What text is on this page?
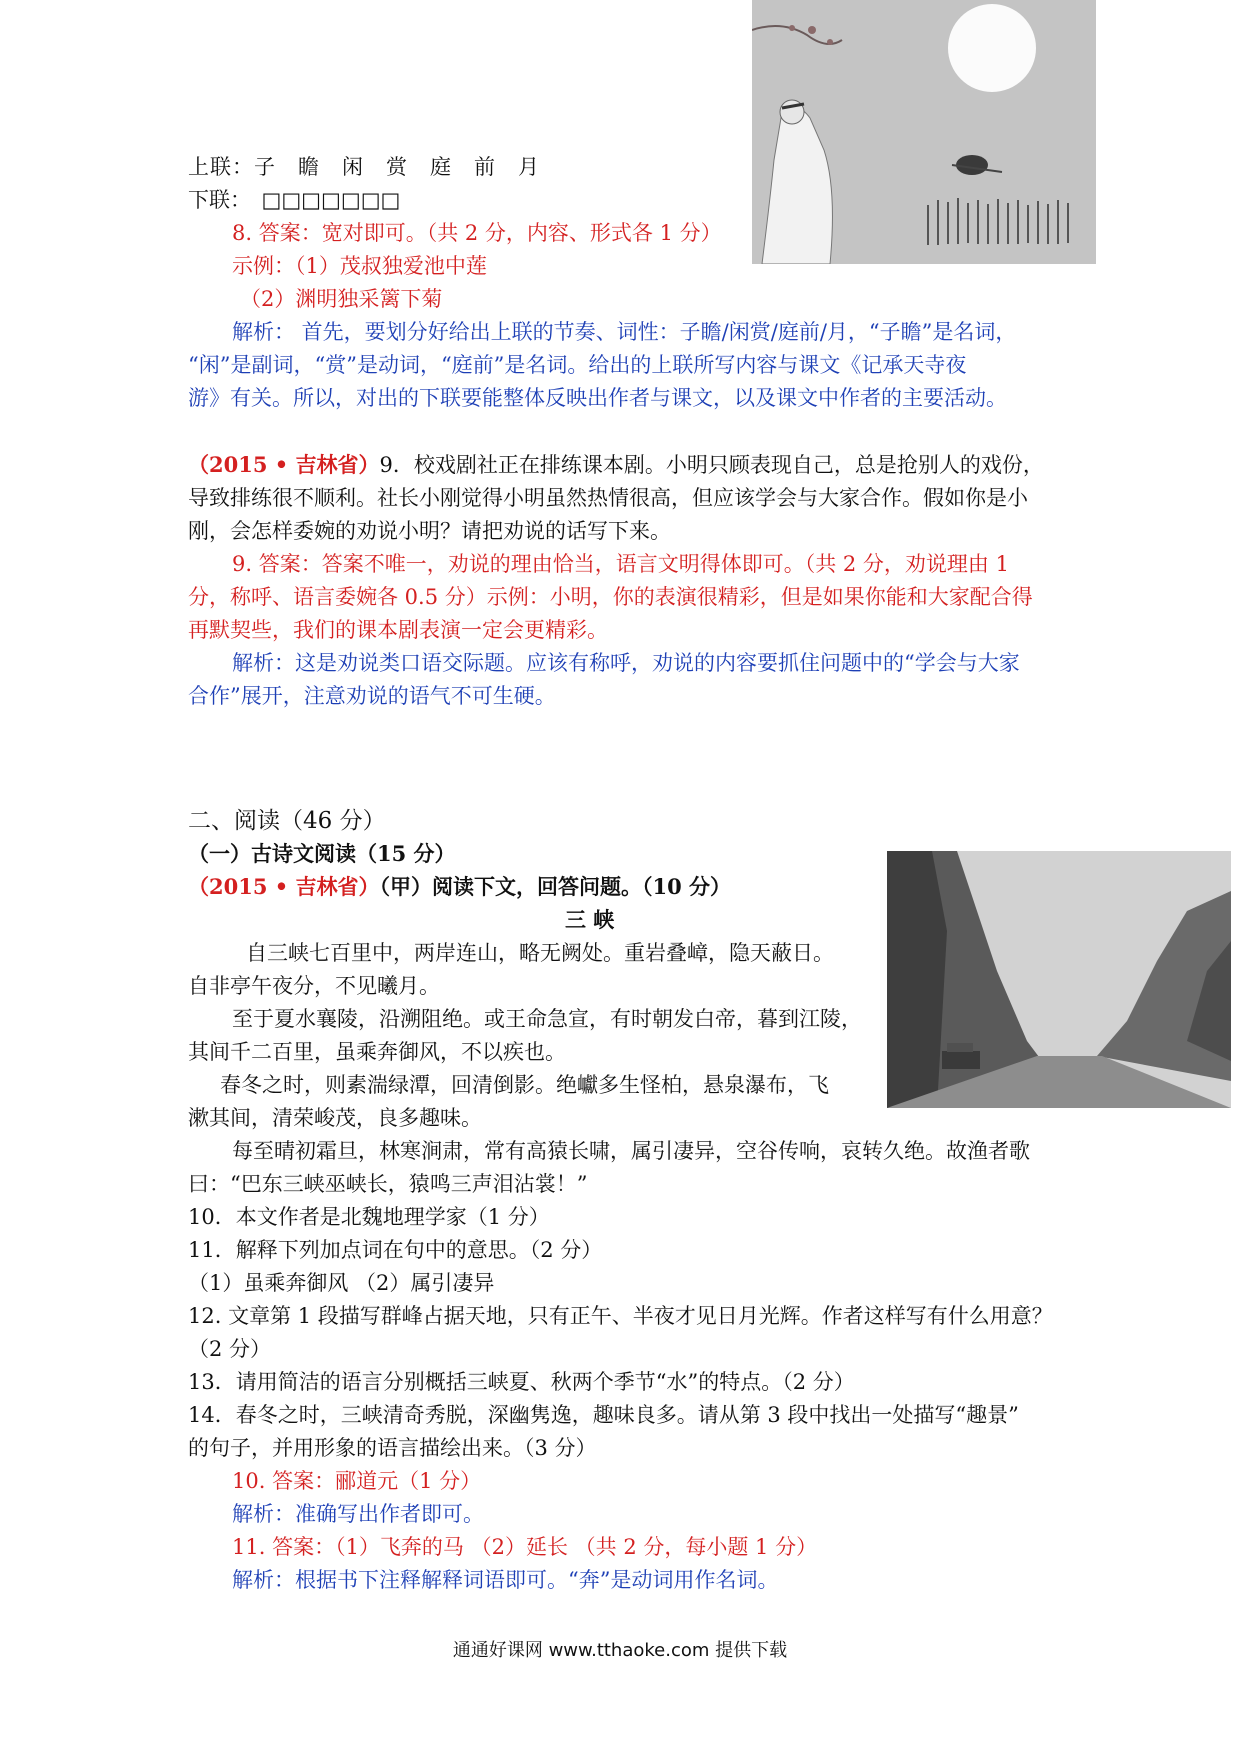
上联：子　瞻　闲　赏　庭　前　月
下联：　□□□□□□□
8. 答案：宽对即可。（共 2 分，内容、形式各 1 分）
示例：（1）茂叔独爱池中莲
（2）渊明独采篱下菊
解析： 首先，要划分好给出上联的节奏、词性：子瞻/闲赏/庭前/月，“子瞻”是名词，
“闲”是副词，“赏”是动词，“庭前”是名词。给出的上联所写内容与课文《记承天寺夜
游》有关。所以，对出的下联要能整体反映出作者与课文，以及课文中作者的主要活动。
（2015 • 吉林省）9．校戏剧社正在排练课本剧。小明只顾表现自己，总是抢别人的戏份，
导致排练很不顺利。社长小刚觉得小明虽然热情很高，但应该学会与大家合作。假如你是小
刚，会怎样委婉的劝说小明？请把劝说的话写下来。
9. 答案：答案不唯一，劝说的理由恰当，语言文明得体即可。（共 2 分，劝说理由 1
分，称呼、语言委婉各 0.5 分）示例：小明，你的表演很精彩，但是如果你能和大家配合得
再默契些，我们的课本剧表演一定会更精彩。
解析：这是劝说类口语交际题。应该有称呼，劝说的内容要抓住问题中的“学会与大家
合作”展开，注意劝说的语气不可生硬。
二、阅读（46 分）
（一）古诗文阅读（15 分）
（2015 • 吉林省）（甲）阅读下文，回答问题。（10 分）
三 峡
自三峡七百里中，两岸连山，略无阙处。重岩叠嶂，隐天蔽日。
自非亭午夜分，不见曦月。
至于夏水襄陵，沿溯阻绝。或王命急宣，有时朝发白帝，暮到江陵，
其间千二百里，虽乘奔御风，不以疾也。
春冬之时，则素湍绿潭，回清倒影。绝巘多生怪柏，悬泉瀑布，飞
漱其间，清荣峻茂，良多趣味。
每至晴初霜旦，林寒涧肃，常有高猿长啸，属引凄异，空谷传响，哀转久绝。故渔者歌
曰：“巴东三峡巫峡长，猿鸣三声泪沾裳！”
10．本文作者是北魏地理学家（1 分）
11．解释下列加点词在句中的意思。（2 分）
（1）虽乘奔御风 （2）属引凄异
12. 文章第 1 段描写群峰占据天地，只有正午、半夜才见日月光辉。作者这样写有什么用意？
（2 分）
13．请用简洁的语言分别概括三峡夏、秋两个季节“水”的特点。（2 分）
14．春冬之时，三峡清奇秀脱，深幽隽逸，趣味良多。请从第 3 段中找出一处描写“趣景”
的句子，并用形象的语言描绘出来。（3 分）
10. 答案：郦道元（1 分）
解析：准确写出作者即可。
11. 答案：（1）飞奔的马 （2）延长 （共 2 分，每小题 1 分）
解析：根据书下注释解释词语即可。“奔”是动词用作名词。
通通好课网 www.tthaoke.com 提供下载
